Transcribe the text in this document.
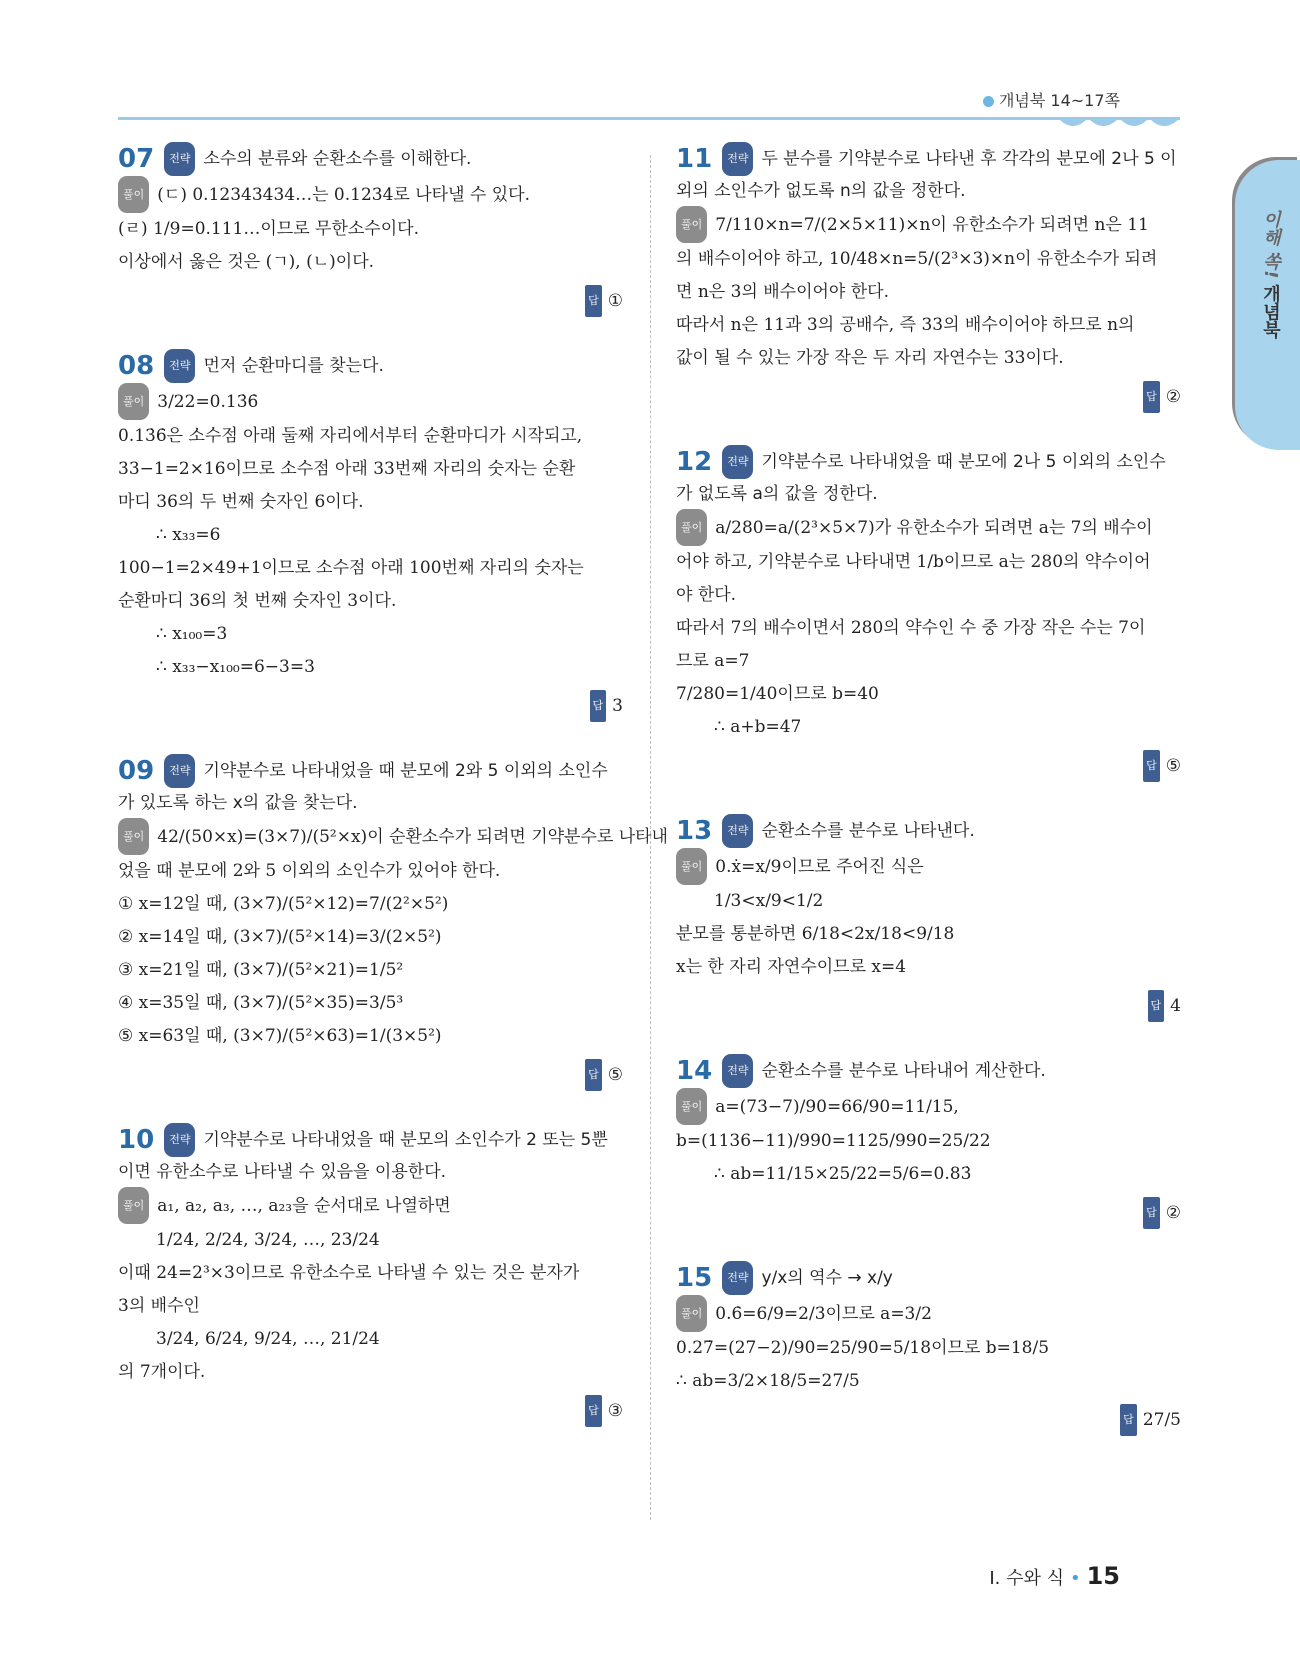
개념북 14~17쪽
이해 쏙! 개념북
07 전략 소수의 분류와 순환소수를 이해한다.
풀이 (ㄷ) 0.12343434…는 0.1234̇로 나타낼 수 있다.
(ㄹ) 1/9=0.111…이므로 무한소수이다.
이상에서 옳은 것은 (ㄱ), (ㄴ)이다.
답 ①
08 전략 먼저 순환마디를 찾는다.
풀이 3/22=0.13̇6̇
0.13̇6̇은 소수점 아래 둘째 자리에서부터 순환마디가 시작되고,
33−1=2×16이므로 소수점 아래 33번째 자리의 숫자는 순환
마디 36의 두 번째 숫자인 6이다.
∴ x₃₃=6
100−1=2×49+1이므로 소수점 아래 100번째 자리의 숫자는
순환마디 36의 첫 번째 숫자인 3이다.
∴ x₁₀₀=3
∴ x₃₃−x₁₀₀=6−3=3
답 3
09 전략 기약분수로 나타내었을 때 분모에 2와 5 이외의 소인수가 있도록 하는 x의 값을 찾는다.
풀이 42/(50×x)=(3×7)/(5²×x)이 순환소수가 되려면 기약분수로 나타내
었을 때 분모에 2와 5 이외의 소인수가 있어야 한다.
① x=12일 때, (3×7)/(5²×12)=7/(2²×5²)
② x=14일 때, (3×7)/(5²×14)=3/(2×5²)
③ x=21일 때, (3×7)/(5²×21)=1/5²
④ x=35일 때, (3×7)/(5²×35)=3/5³
⑤ x=63일 때, (3×7)/(5²×63)=1/(3×5²)
답 ⑤
10 전략 기약분수로 나타내었을 때 분모의 소인수가 2 또는 5뿐이면 유한소수로 나타낼 수 있음을 이용한다.
풀이 a₁, a₂, a₃, …, a₂₃을 순서대로 나열하면
1/24, 2/24, 3/24, …, 23/24
이때 24=2³×3이므로 유한소수로 나타낼 수 있는 것은 분자가
3의 배수인
3/24, 6/24, 9/24, …, 21/24
의 7개이다.
답 ③
11 전략 두 분수를 기약분수로 나타낸 후 각각의 분모에 2나 5 이외의 소인수가 없도록 n의 값을 정한다.
풀이 7/110×n=7/(2×5×11)×n이 유한소수가 되려면 n은 11
의 배수이어야 하고, 10/48×n=5/(2³×3)×n이 유한소수가 되려
면 n은 3의 배수이어야 한다.
따라서 n은 11과 3의 공배수, 즉 33의 배수이어야 하므로 n의
값이 될 수 있는 가장 작은 두 자리 자연수는 33이다.
답 ②
12 전략 기약분수로 나타내었을 때 분모에 2나 5 이외의 소인수가 없도록 a의 값을 정한다.
풀이 a/280=a/(2³×5×7)가 유한소수가 되려면 a는 7의 배수이
어야 하고, 기약분수로 나타내면 1/b이므로 a는 280의 약수이어
야 한다.
따라서 7의 배수이면서 280의 약수인 수 중 가장 작은 수는 7이
므로 a=7
7/280=1/40이므로 b=40
∴ a+b=47
답 ⑤
13 전략 순환소수를 분수로 나타낸다.
풀이 0.ẋ=x/9이므로 주어진 식은
1/3<x/9<1/2
분모를 통분하면 6/18<2x/18<9/18
x는 한 자리 자연수이므로 x=4
답 4
14 전략 순환소수를 분수로 나타내어 계산한다.
풀이 a=(73−7)/90=66/90=11/15,
b=(1136−11)/990=1125/990=25/22
∴ ab=11/15×25/22=5/6=0.83̇
답 ②
15 전략 y/x의 역수 → x/y
풀이 0.6̇=6/9=2/3이므로 a=3/2
0.27̇=(27−2)/90=25/90=5/18이므로 b=18/5
∴ ab=3/2×18/5=27/5
답 27/5
Ⅰ. 수와 식 • 15
